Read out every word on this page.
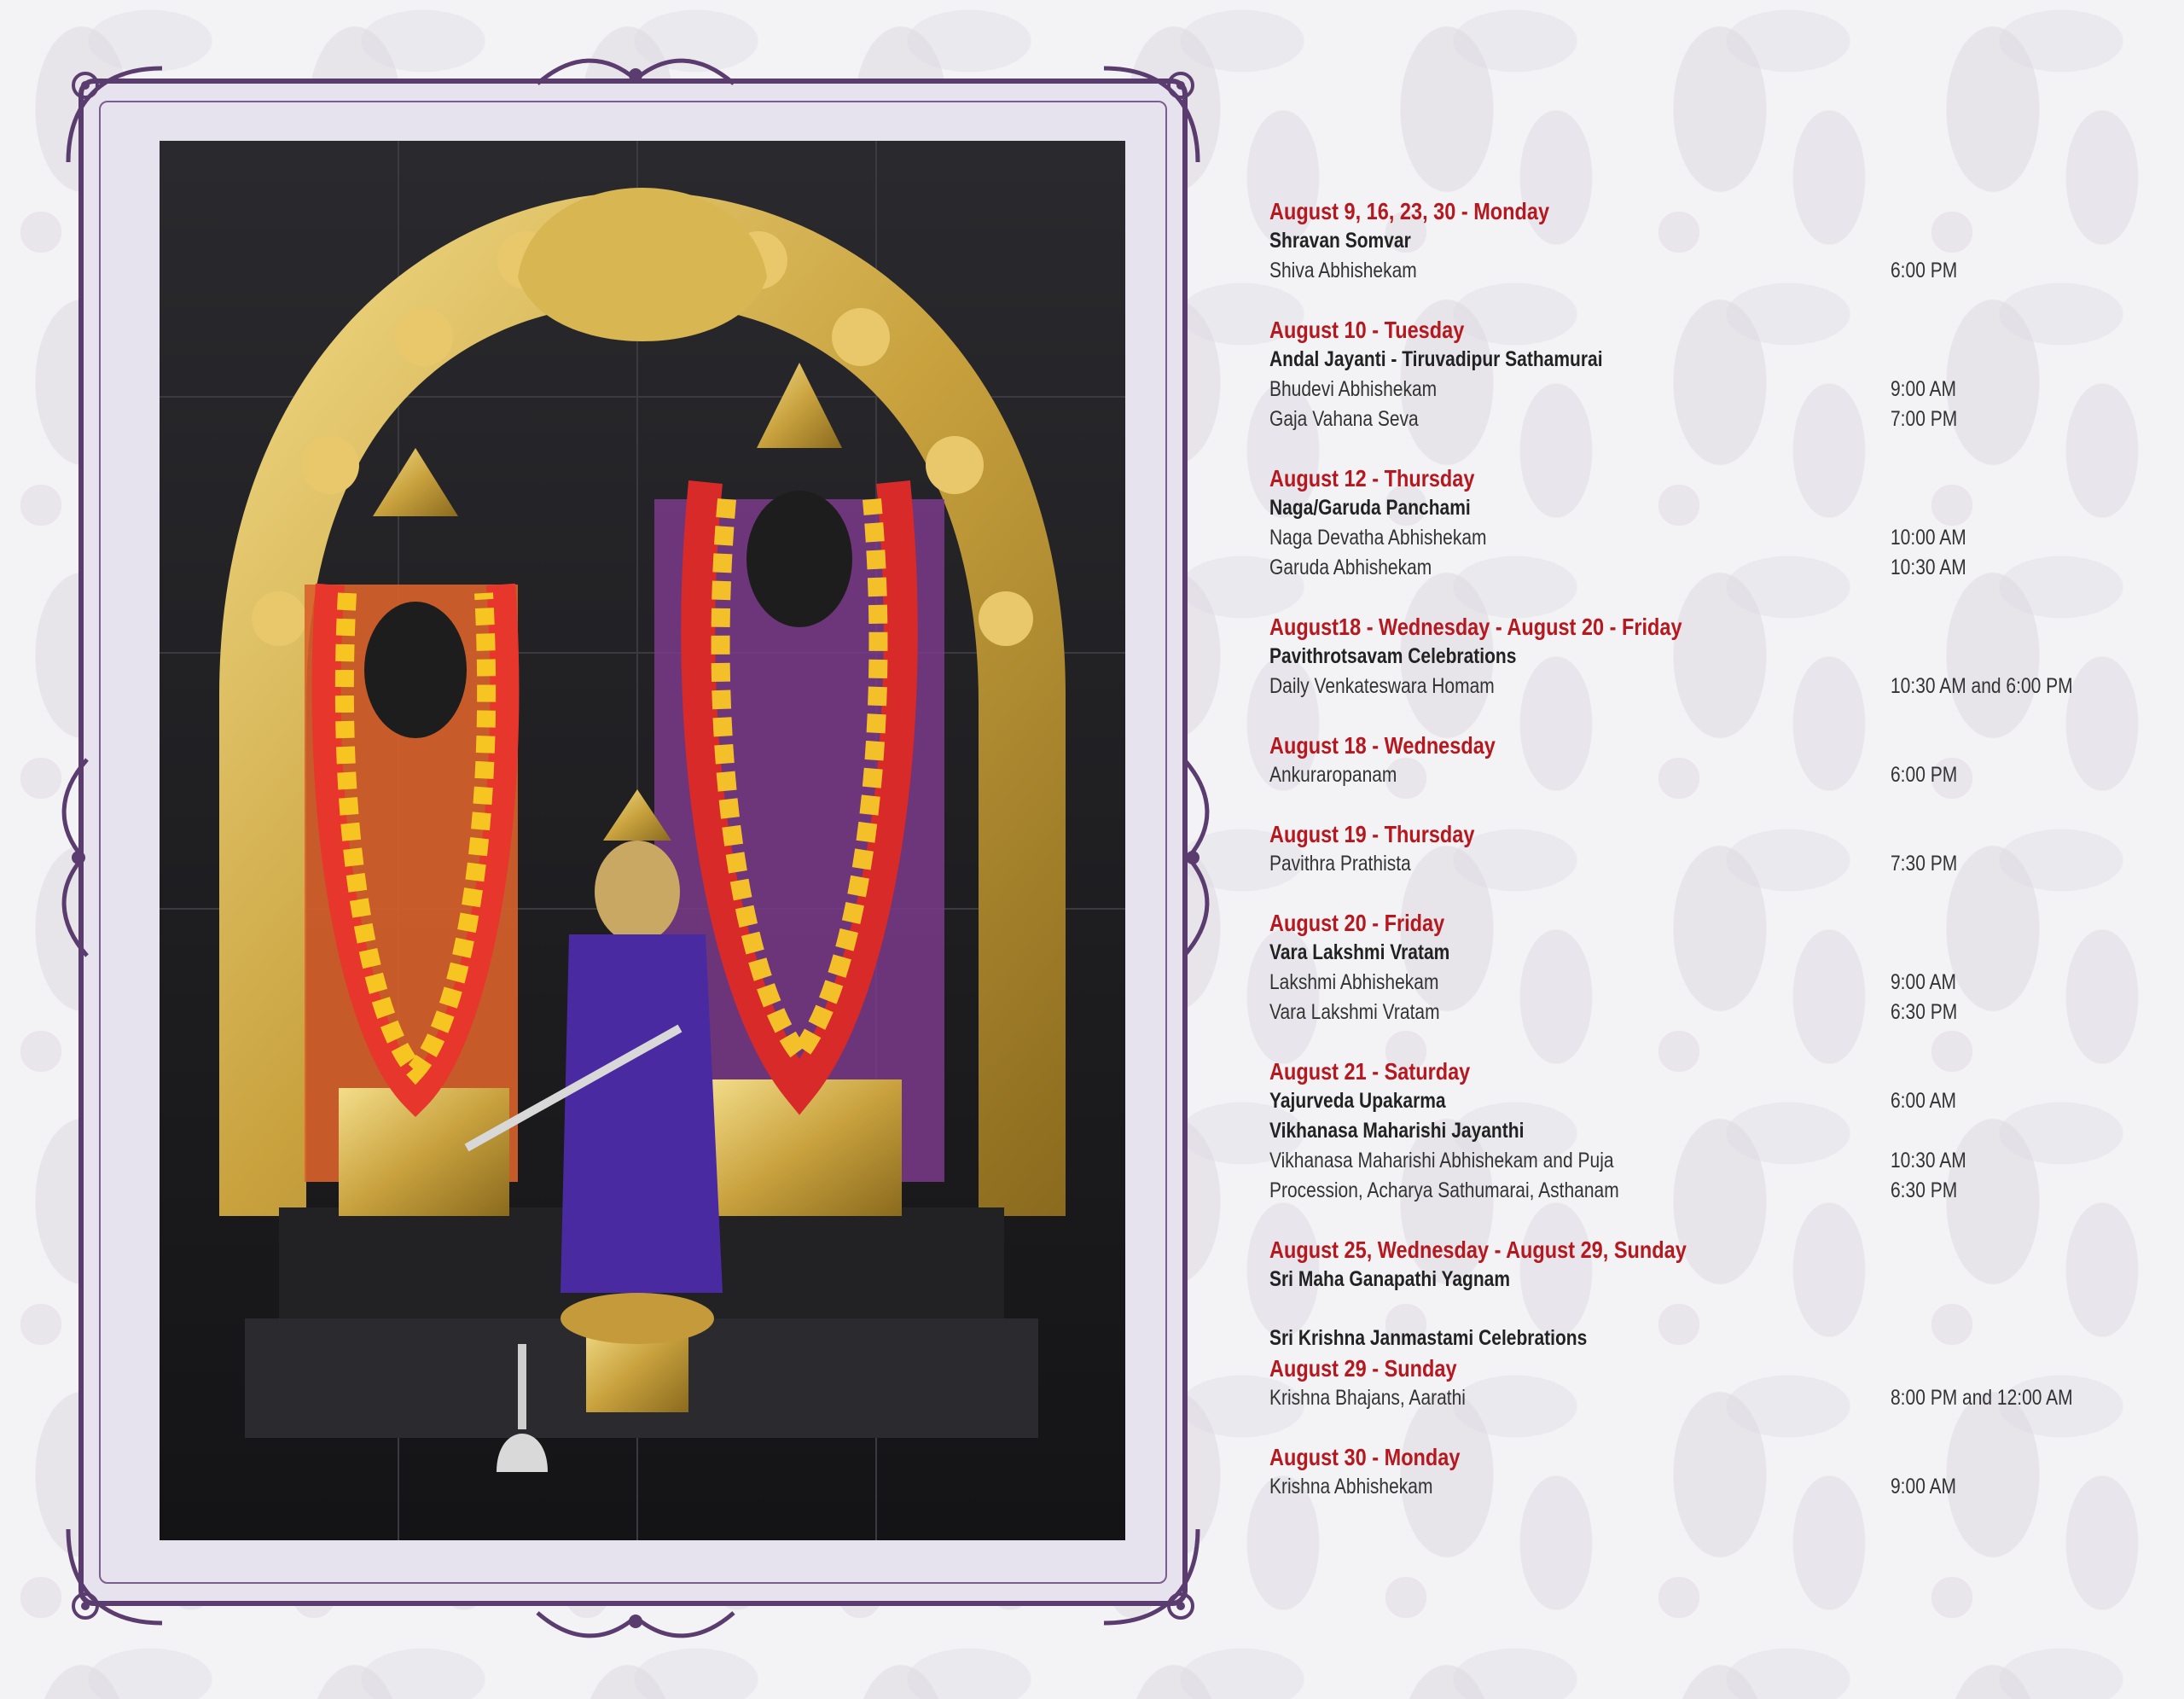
August 9, 16, 23, 30 - Monday
Shravan Somvar
Shiva Abhishekam	6:00 PM
August 10 - Tuesday
Andal Jayanti - Tiruvadipur Sathamurai
Bhudevi Abhishekam	9:00 AM
Gaja Vahana Seva	7:00 PM
August 12 - Thursday
Naga/Garuda Panchami
Naga Devatha Abhishekam	10:00 AM
Garuda Abhishekam	10:30 AM
August18 - Wednesday - August 20 - Friday
Pavithrotsavam Celebrations
Daily Venkateswara Homam	10:30 AM and 6:00 PM
August 18 - Wednesday
Ankuraropanam	6:00 PM
August 19 - Thursday
Pavithra Prathista	7:30 PM
August 20 - Friday
Vara Lakshmi Vratam
Lakshmi Abhishekam	9:00 AM
Vara Lakshmi Vratam	6:30 PM
August 21 - Saturday
Yajurveda Upakarma	6:00 AM
Vikhanasa Maharishi Jayanthi
Vikhanasa Maharishi Abhishekam and Puja	10:30 AM
Procession, Acharya Sathumarai, Asthanam	6:30 PM
August 25, Wednesday - August 29, Sunday
Sri Maha Ganapathi Yagnam
Sri Krishna Janmastami Celebrations
August 29 - Sunday
Krishna Bhajans, Aarathi	8:00 PM and 12:00 AM
August 30 - Monday
Krishna Abhishekam	9:00 AM
